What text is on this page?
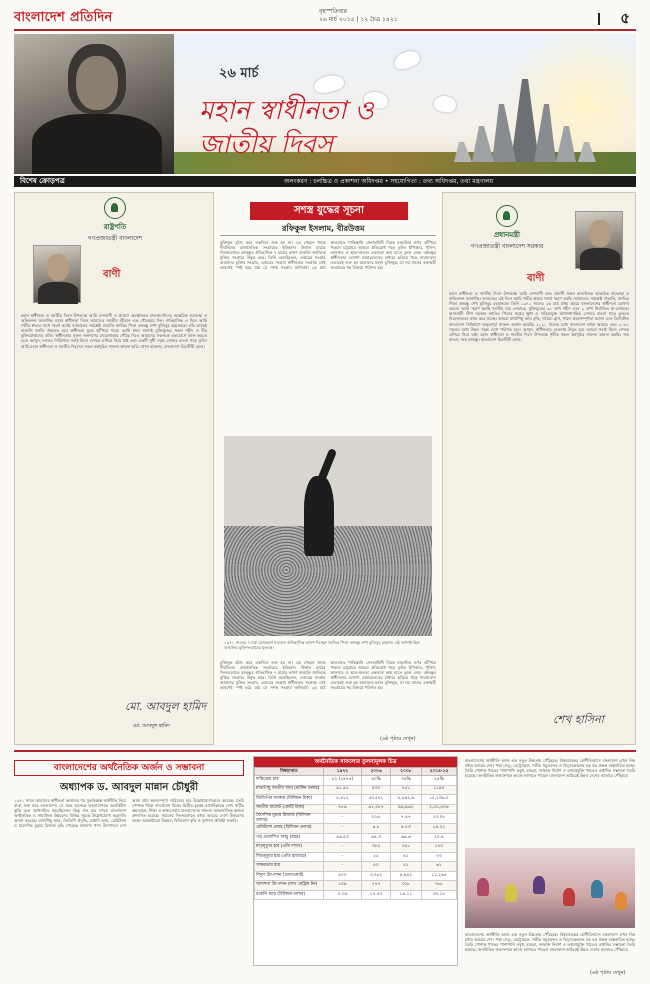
বাংলাদেশ প্রতিদিন	বৃহস্পতিবার
২৬ মার্চ ২০১৫ | ১২ চৈত্র ১৪২১	৫
২৬ মার্চ
মহান স্বাধীনতা ও জাতীয় দিবস
বিশেষ ক্রোড়পত্র	অলংকরণ : চলচ্চিত্র ও প্রকাশনা অধিদপ্তর • সহযোগিতা : তথ্য অধিদপ্তর, তথ্য মন্ত্রণালয়
রাষ্ট্রপতি
গণপ্রজাতন্ত্রী বাংলাদেশ
বাণী
মহান স্বাধীনতা ও জাতীয় দিবস উপলক্ষে আমি দেশবাসী ও প্রবাসে অবস্থানরত বাংলাদেশিদের আন্তরিক শুভেচ্ছা ও অভিনন্দন জানাচ্ছি। মহান স্বাধীনতা দিবস আমাদের জাতীয় জীবনে এক গৌরবময় দিন। ঐতিহাসিক এ দিনে আমি গভীর শ্রদ্ধার সাথে স্মরণ করছি সর্বকালের সর্বশ্রেষ্ঠ বাঙালি জাতির পিতা বঙ্গবন্ধু শেখ মুজিবুর রহমানকে। তাঁর ডাকেই বাঙালি জাতি ঐক্যবদ্ধ হয়ে স্বাধীনতা যুদ্ধে ঝাঁপিয়ে পড়ে। আমি শ্রদ্ধা জানাই মুক্তিযুদ্ধের সকল শহীদ ও বীর মুক্তিযোদ্ধাদের প্রতি। স্বাধীনতার সুফল জনগণের দোরগোড়ায় পৌঁছে দিতে আমাদের সকলকে একযোগে কাজ করতে হবে। আসুন, দলমত নির্বিশেষে সবাই মিলে দেশকে এগিয়ে নিয়ে যাই এবং একটি সুখী সমৃদ্ধ সোনার বাংলা গড়ে তুলি। আমি মহান স্বাধীনতা ও জাতীয় দিবসের সকল কর্মসূচির সাফল্য কামনা করি। খোদা হাফেজ, বাংলাদেশ চিরজীবী হোক।
মো. আবদুল হামিদ
মো. আবদুল হামিদ
সশস্ত্র যুদ্ধের সূচনা
রফিকুল ইসলাম, বীরউত্তম
মুক্তিযুদ্ধ হঠাৎ করে একদিনে শুরু হয় না। এর পেছনে থাকে দীর্ঘদিনের রাজনৈতিক সংগ্রামের ইতিহাস। উত্তাল মার্চের দিনগুলোতে বঙ্গবন্ধুর ঐতিহাসিক ৭ মার্চের ভাষণ বাঙালি জাতিকে মুক্তির সংগ্রামে উদ্বুদ্ধ করে। তিনি বলেছিলেন, এবারের সংগ্রাম আমাদের মুক্তির সংগ্রাম, এবারের সংগ্রাম স্বাধীনতার সংগ্রাম। সেই ভাষণেই স্পষ্ট হয়ে যায় যে সশস্ত্র সংগ্রাম অনিবার্য। ২৫ মার্চ কালরাতে পাকিস্তানি সেনাবাহিনী নিরস্ত্র বাঙালির ওপর ঝাঁপিয়ে পড়লে চট্টগ্রামে আমরা প্রতিরোধ গড়ে তুলি। ইপিআর, পুলিশ, আনসার ও ছাত্র-জনতা একসঙ্গে অস্ত্র হাতে তুলে নেয়। বঙ্গবন্ধুর স্বাধীনতার ঘোষণা ওয়্যারলেসের মাধ্যমে ছড়িয়ে পড়ে সারাদেশে। এভাবেই শুরু হয় আমাদের মহান মুক্তিযুদ্ধ, যা নয় মাসের রক্তক্ষয়ী সংগ্রামের পর বিজয়ে পরিণত হয়।
১৯৭১ সালের ৭ মার্চ রেসকোর্স ময়দানে ঐতিহাসিক ভাষণ দিচ্ছেন জাতির পিতা বঙ্গবন্ধু শেখ মুজিবুর রহমান। এই ভাষণই ছিল বাঙালির মুক্তিসংগ্রামের মূলমন্ত্র।
মুক্তিযুদ্ধ হঠাৎ করে একদিনে শুরু হয় না। এর পেছনে থাকে দীর্ঘদিনের রাজনৈতিক সংগ্রামের ইতিহাস। উত্তাল মার্চের দিনগুলোতে বঙ্গবন্ধুর ঐতিহাসিক ৭ মার্চের ভাষণ বাঙালি জাতিকে মুক্তির সংগ্রামে উদ্বুদ্ধ করে। তিনি বলেছিলেন, এবারের সংগ্রাম আমাদের মুক্তির সংগ্রাম, এবারের সংগ্রাম স্বাধীনতার সংগ্রাম। সেই ভাষণেই স্পষ্ট হয়ে যায় যে সশস্ত্র সংগ্রাম অনিবার্য। ২৫ মার্চ কালরাতে পাকিস্তানি সেনাবাহিনী নিরস্ত্র বাঙালির ওপর ঝাঁপিয়ে পড়লে চট্টগ্রামে আমরা প্রতিরোধ গড়ে তুলি। ইপিআর, পুলিশ, আনসার ও ছাত্র-জনতা একসঙ্গে অস্ত্র হাতে তুলে নেয়। বঙ্গবন্ধুর স্বাধীনতার ঘোষণা ওয়্যারলেসের মাধ্যমে ছড়িয়ে পড়ে সারাদেশে। এভাবেই শুরু হয় আমাদের মহান মুক্তিযুদ্ধ, যা নয় মাসের রক্তক্ষয়ী সংগ্রামের পর বিজয়ে পরিণত হয়।
(৬ষ্ঠ পৃষ্ঠায় দেখুন)
প্রধানমন্ত্রী
গণপ্রজাতন্ত্রী বাংলাদেশ সরকার
বাণী
মহান স্বাধীনতা ও জাতীয় দিবস উপলক্ষে আমি দেশবাসী এবং প্রবাসী সকল বাঙালিকে আন্তরিক শুভেচ্ছা ও অভিনন্দন জানাচ্ছি। আজকের এই দিনে আমি গভীর শ্রদ্ধার সাথে স্মরণ করছি সর্বকালের সর্বশ্রেষ্ঠ বাঙালি, জাতির পিতা বঙ্গবন্ধু শেখ মুজিবুর রহমানকে। তিনি ১৯৭১ সালের ২৬ মার্চ প্রথম প্রহরে বাংলাদেশের স্বাধীনতা ঘোষণা করেন। আমি স্মরণ করছি জাতীয় চার নেতাকে, মুক্তিযুদ্ধের ৩০ লাখ শহীদ এবং ২ লাখ নির্যাতিত মা-বোনকে। আওয়ামী লীগ সরকার জাতির পিতার স্বপ্নের ক্ষুধা ও দারিদ্র্যমুক্ত অসাম্প্রদায়িক সোনার বাংলা গড়ে তুলতে নিরলসভাবে কাজ করে যাচ্ছে। আমরা মাথাপিছু আয় বৃদ্ধি, দারিদ্র্য হ্রাস, খাদ্যে স্বয়ংসম্পূর্ণতা অর্জন এবং ডিজিটাল বাংলাদেশ বিনির্মাণে অভূতপূর্ব সাফল্য অর্জন করেছি। ২০২১ সালের মধ্যে বাংলাদেশ মধ্যম আয়ের এবং ২০৪১ সালের মধ্যে উন্নত সমৃদ্ধ দেশে পরিণত হবে। আসুন, স্বাধীনতার চেতনায় উদ্বুদ্ধ হয়ে আমরা সবাই মিলে দেশকে এগিয়ে নিয়ে যাই। মহান স্বাধীনতা ও জাতীয় দিবস উপলক্ষে গৃহীত সকল কর্মসূচির সাফল্য কামনা করছি। জয় বাংলা, জয় বঙ্গবন্ধু। বাংলাদেশ চিরজীবী হোক।
শেখ হাসিনা
বাংলাদেশের অর্থনৈতিক অর্জন ও সম্ভাবনা
অধ্যাপক ড. আবদুল মান্নান চৌধুরী
১৯৭১ সালে আমাদের স্বাধীনতা অর্জনের পর যুদ্ধবিধ্বস্ত অর্থনীতি নিয়ে যাত্রা শুরু করে বাংলাদেশ। সে সময় অনেকে বাংলাদেশকে তলাবিহীন ঝুড়ি বলে আখ্যায়িত করেছিলেন। কিন্তু গত চার দশকে বাংলাদেশ অর্থনৈতিক ও সামাজিক উন্নয়নের বিভিন্ন সূচকে উল্লেখযোগ্য অগ্রগতি অর্জন করেছে। মাথাপিছু আয়, জিডিপি প্রবৃদ্ধি, রপ্তানি আয়, রেমিট্যান্স ও বৈদেশিক মুদ্রার রিজার্ভ বৃদ্ধি পেয়েছে বহুগুণ। খাদ্য উৎপাদনে দেশ আজ প্রায় স্বয়ংসম্পূর্ণ। দারিদ্র্যের হার উল্লেখযোগ্যভাবে কমেছে। তৈরি পোশাক শিল্পে বাংলাদেশ বিশ্বের দ্বিতীয় বৃহত্তম রপ্তানিকারক দেশ। নারীর ক্ষমতায়ন, শিক্ষা ও স্বাস্থ্যসেবায় বাংলাদেশের সাফল্য আন্তর্জাতিক অঙ্গনে প্রশংসিত হয়েছে। সামনের দিনগুলোতে মধ্যম আয়ের দেশে উত্তরণের লক্ষ্যে অবকাঠামো উন্নয়ন, বিনিয়োগ বৃদ্ধি ও সুশাসন প্রতিষ্ঠা জরুরি।
অর্থনৈতিক সাফল্যের তুলনামূলক চিত্র
বিষয়/খাত	১৯৭২	২০০৬	২০০৮	২০১৪-১৫
দারিদ্র্যের হার	৮২ (১৯৭৪)	৪০%	৩৪%	২৪%
মাথাপিছু জাতীয় আয় (মার্কিন ডলার)	৯১.৯১	৫৩০	৭৫১	১১৯০
জিডিপির আকার (বিলিয়ন টাকা)	৫,৪১২	৪১৫৭২	৫,৮৯২.৯	১৫,১৩৬.০
জাতীয় বাজেট (কোটি টাকা)	৭৮৬	৬১,০৫৭	৯৯,৯৬২	২,৫০,৫০৬
বৈদেশিক মুদ্রার রিজার্ভ (বিলিয়ন ডলার)	-	৩.৮৮	৭.৪৭	২৩.০৮
রেমিট্যান্স প্রবাহ (বিলিয়ন ডলার)	-	৪.৮	৯.৭৩	১৪.২২
গড় প্রত্যাশিত আয়ু (বছর)	৪৬.৫৩	৬৪.৩	৬৬.৬	৭০.৪
মাতৃমৃত্যুর হার (প্রতি লাখে)	-	৩৮২	৩৫১	১৭০
শিশুমৃত্যুর হার (প্রতি হাজারে)	-	৫৫	৪১	৩৩
সাক্ষরতার হার	-	৫০	৫১	৬১
বিদ্যুৎ উৎপাদন (মেগাওয়াট)	৪০০	৩,৭৮২	৪,৯৪২	১১,২৬৫
খাদ্যশস্য উৎপাদন (লাখ মেট্রিক টন)	১০৯	২৭৭	৩২৮	৩৮৮
রপ্তানি আয় (বিলিয়ন ডলার)	০.৩৫	১০.৫৩	১৪.১১	৩০.১৮
বাংলাদেশের অর্থনীতি আজ এক নতুন উচ্চতায় পৌঁছেছে। বিশ্বব্যাংকের শ্রেণীবিন্যাসে বাংলাদেশ এখন নিম্ন মধ্যম আয়ের দেশ। পদ্মা সেতু, মেট্রোরেল, গভীর সমুদ্রবন্দর ও বিদ্যুৎকেন্দ্রসহ বড় বড় প্রকল্প বাস্তবায়িত হচ্ছে। তৈরি পোশাক খাতের পাশাপাশি ওষুধ, চামড়া, জাহাজ নির্মাণ ও তথ্যপ্রযুক্তি খাতেও রপ্তানির সম্ভাবনা তৈরি হয়েছে। জনমিতিক লভ্যাংশকে কাজে লাগাতে পারলে বাংলাদেশ অচিরেই উন্নত দেশের কাতারে পৌঁছাবে।
বাংলাদেশের অর্থনীতি আজ এক নতুন উচ্চতায় পৌঁছেছে। বিশ্বব্যাংকের শ্রেণীবিন্যাসে বাংলাদেশ এখন নিম্ন মধ্যম আয়ের দেশ। পদ্মা সেতু, মেট্রোরেল, গভীর সমুদ্রবন্দর ও বিদ্যুৎকেন্দ্রসহ বড় বড় প্রকল্প বাস্তবায়িত হচ্ছে। তৈরি পোশাক খাতের পাশাপাশি ওষুধ, চামড়া, জাহাজ নির্মাণ ও তথ্যপ্রযুক্তি খাতেও রপ্তানির সম্ভাবনা তৈরি হয়েছে। জনমিতিক লভ্যাংশকে কাজে লাগাতে পারলে বাংলাদেশ অচিরেই উন্নত দেশের কাতারে পৌঁছাবে।
(৬ষ্ঠ পৃষ্ঠায় দেখুন)
